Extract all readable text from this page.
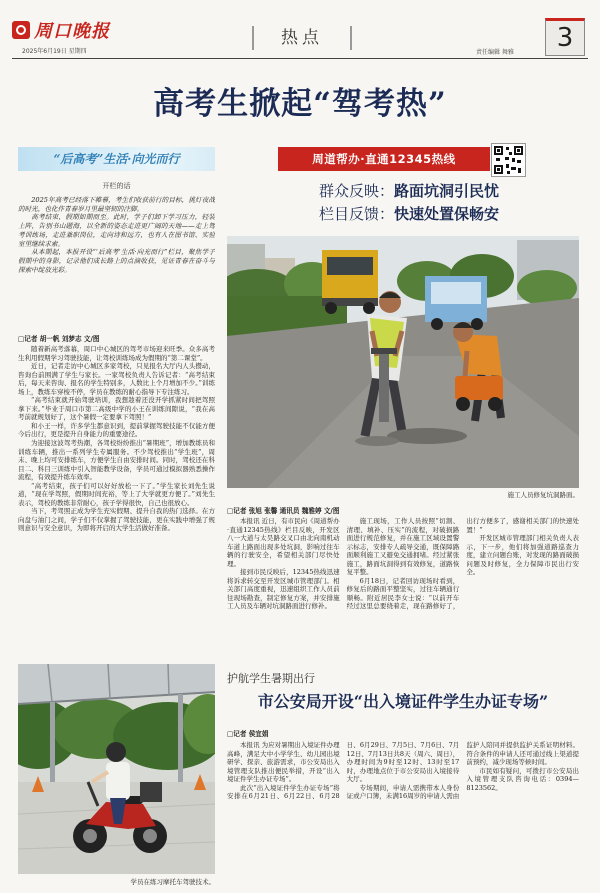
周口晚报
2025年6月19日 星期四
热点
责任编辑 舞雅	3
高考生掀起“驾考热”
“后高考”生活·向光而行
开栏的话

2025年高考已经落下帷幕，考生们收获前行的目标，挑灯夜战的时光，也化作青春岁月里最坚韧的注脚。

高考结束，假期如期而至。此时，学子们卸下学习压力，轻装上阵，告别书山题海，以全新的姿态走进更广阔的天地——走上驾考训练场，走进兼职岗位，走向诗和远方，也有人在图书馆、实验室里继续求索。

从本期起，本报开设“‘后高考’生活·向光而行”栏目，聚焦学子假期中的身影，记录他们成长路上的点滴收获，见证青春在奋斗与探索中绽放光彩。

□记者 胡一帆 刘梦志 文/图

随着新高考落幕，周口中心城区的驾考市场迎来旺季。众多高考生利用假期学习驾驶技能，让驾校训练场成为假期的“第二课堂”。

近日，记者走访中心城区多家驾校，只见报名大厅内人头攒动，咨询台前围满了学生与家长。一家驾校负责人告诉记者：“高考结束后，每天来咨询、报名的学生特别多，人数比上个月增加不少。”训练场上，教练车穿梭不停，学员在教练的耐心指导下专注练习。

“高考结束就开始驾驶培训，我想趁着还没开学抓紧时间把驾照拿下来。”毕业于周口市第二高级中学的小王在训练间隙说，“我在高考前就规划好了，这个暑假一定要拿下驾照！”

和小王一样，许多学生都意识到，提前掌握驾驶技能不仅能方便今后出行，更是提升自身能力的重要途径。

为迎接这波驾考热潮，各驾校纷纷推出“暑期班”，增加教练员和训练车辆，推出一系列学生专属服务。不少驾校推出“学生班”，周末、晚上均可安排练车，方便学生自由安排时间。同时，驾校还在科目二、科目三训练中引入智能教学设备，学员可通过模拟器熟悉操作流程，有效提升练车效率。

“高考结束，孩子们可以好好放松一下了。”学生家长刘先生说道，“现在学驾照，假期时间充裕，等上了大学就更方便了。”刘先生表示，驾校的教练非常耐心，孩子学得很快，自己也很放心。

当下，考驾照正成为学生充实假期、提升自我的热门选择。在方向盘与油门之间，学子们不仅掌握了驾驶技能，更在实践中增强了规则意识与安全意识，为即将开启的大学生活做好准备。

学员在练习摩托车驾驶技术。
周道帮办·直通12345热线
群众反映：路面坑洞引民忧
栏目反馈：快速处置保畅安
施工人员修复坑洞路面。
□记者 张旭 张馨 通讯员 魏雅婷 文/图

本报讯 近日，有市民向《周道帮办·直通12345热线》栏目反映，开发区八一大道与太昊路交叉口由北向南机动车道上路面出现多处坑洞，影响过往车辆的行驶安全，希望相关部门尽快处理。

接到市民反映后，12345热线迅速将诉求转交至开发区城市管理部门。相关部门高度重视，迅速组织工作人员前往现场勘查，制定修复方案，并安排施工人员及车辆对坑洞路面进行修补。

施工现场，工作人员按照“切割、清理、填补、压实”的流程，对破损路面进行规范修复，并在施工区域设置警示标志，安排专人疏导交通，既保障路面顺利施工又避免交通拥堵。经过紧张施工，路面坑洞得到有效修复，道路恢复平整。

6月18日，记者回访现场时看到，修复后的路面平整坚实，过往车辆通行顺畅。附近居民李女士说：“以前开车经过这里总要绕着走，现在路修好了，出行方便多了，感谢相关部门的快速处置！”

开发区城市管理部门相关负责人表示，下一步，他们将加强道路巡查力度，建立问题台账，对发现的路面破损问题及时修复，全力保障市民出行安全。

护航学生暑期出行
市公安局开设“出入境证件学生办证专场”
□记者 侯宜娟

本报讯 为应对暑期出入境证件办理高峰，满足大中小学学生、幼儿园出境研学、探亲、旅游需求，市公安局出入境管理支队推出便民举措，开设“出入境证件学生办证专场”。

此次“出入境证件学生办证专场”将安排在6月21日、6月22日、6月28日、6月29日、7月5日、7月6日、7月12日、7月13日共8天（周六、周日），办理时间为9时至12时、13时至17时，办理地点位于市公安局出入境接待大厅。

专场期间，申请人需携带本人身份证或户口簿，未满16周岁的申请人需由监护人陪同并提供监护关系证明材料。符合条件的申请人还可通过线上渠道提前预约，减少现场等候时间。

市民如有疑问，可拨打市公安局出入境管理支队咨询电话：0394—8123562。
